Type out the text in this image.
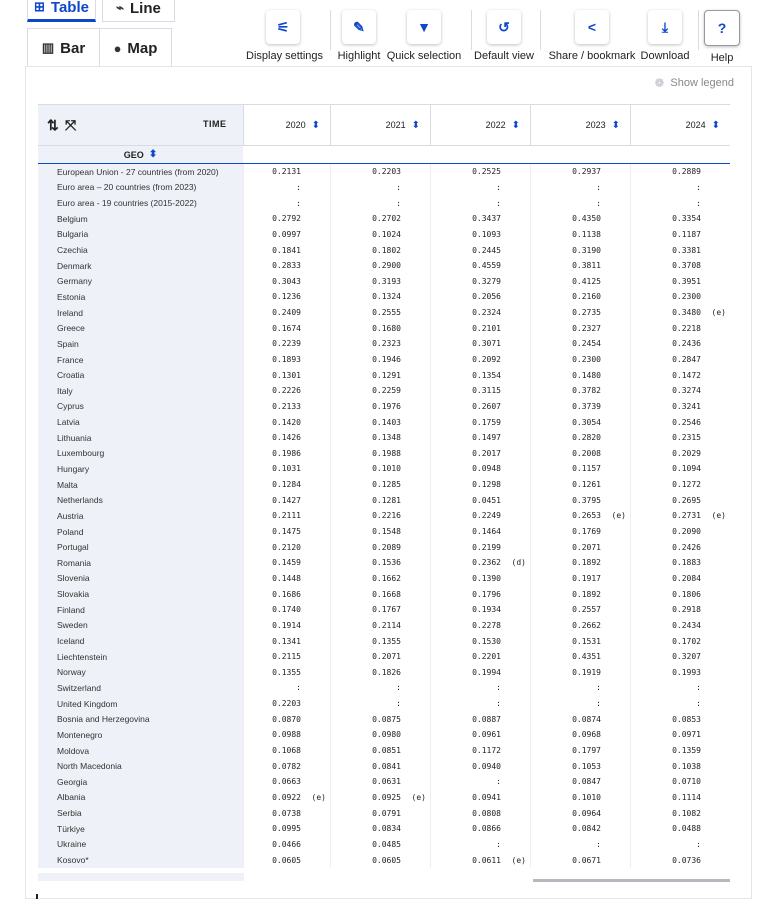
⊞ Table ⌁ Line
▥ Bar ● Map
⚟
Display settings
✎
Highlight
▼
Quick selection
↺
Default view
<
Share / bookmark
⤓
Download
?
Help
❁ Show legend
⇅ ⤧	TIME	2020 ⬍	2021 ⬍	2022 ⬍	2023 ⬍	2024 ⬍
GEO ⬍
European Union - 27 countries (from 2020)	0.2131	0.2203	0.2525	0.2937	0.2889
Euro area – 20 countries (from 2023)	:	:	:	:	:
Euro area - 19 countries (2015-2022)	:	:	:	:	:
Belgium	0.2792	0.2702	0.3437	0.4350	0.3354
Bulgaria	0.0997	0.1024	0.1093	0.1138	0.1187
Czechia	0.1841	0.1802	0.2445	0.3190	0.3381
Denmark	0.2833	0.2900	0.4559	0.3811	0.3708
Germany	0.3043	0.3193	0.3279	0.4125	0.3951
Estonia	0.1236	0.1324	0.2056	0.2160	0.2300
Ireland	0.2409	0.2555	0.2324	0.2735	0.3480	(e)
Greece	0.1674	0.1680	0.2101	0.2327	0.2218
Spain	0.2239	0.2323	0.3071	0.2454	0.2436
France	0.1893	0.1946	0.2092	0.2300	0.2847
Croatia	0.1301	0.1291	0.1354	0.1480	0.1472
Italy	0.2226	0.2259	0.3115	0.3782	0.3274
Cyprus	0.2133	0.1976	0.2607	0.3739	0.3241
Latvia	0.1420	0.1403	0.1759	0.3054	0.2546
Lithuania	0.1426	0.1348	0.1497	0.2820	0.2315
Luxembourg	0.1986	0.1988	0.2017	0.2008	0.2029
Hungary	0.1031	0.1010	0.0948	0.1157	0.1094
Malta	0.1284	0.1285	0.1298	0.1261	0.1272
Netherlands	0.1427	0.1281	0.0451	0.3795	0.2695
Austria	0.2111	0.2216	0.2249	0.2653	(e)	0.2731	(e)
Poland	0.1475	0.1548	0.1464	0.1769	0.2090
Portugal	0.2120	0.2089	0.2199	0.2071	0.2426
Romania	0.1459	0.1536	0.2362	(d)	0.1892	0.1883
Slovenia	0.1448	0.1662	0.1390	0.1917	0.2084
Slovakia	0.1686	0.1668	0.1796	0.1892	0.1806
Finland	0.1740	0.1767	0.1934	0.2557	0.2918
Sweden	0.1914	0.2114	0.2278	0.2662	0.2434
Iceland	0.1341	0.1355	0.1530	0.1531	0.1702
Liechtenstein	0.2115	0.2071	0.2201	0.4351	0.3207
Norway	0.1355	0.1826	0.1994	0.1919	0.1993
Switzerland	:	:	:	:	:
United Kingdom	0.2203	:	:	:	:
Bosnia and Herzegovina	0.0870	0.0875	0.0887	0.0874	0.0853
Montenegro	0.0988	0.0980	0.0961	0.0968	0.0971
Moldova	0.1068	0.0851	0.1172	0.1797	0.1359
North Macedonia	0.0782	0.0841	0.0940	0.1053	0.1038
Georgia	0.0663	0.0631	:	0.0847	0.0710
Albania	0.0922	(e)	0.0925	(e)	0.0941	0.1010	0.1114
Serbia	0.0738	0.0791	0.0808	0.0964	0.1082
Türkiye	0.0995	0.0834	0.0866	0.0842	0.0488
Ukraine	0.0466	0.0485	:	:	:
Kosovo*	0.0605	0.0605	0.0611	(e)	0.0671	0.0736
